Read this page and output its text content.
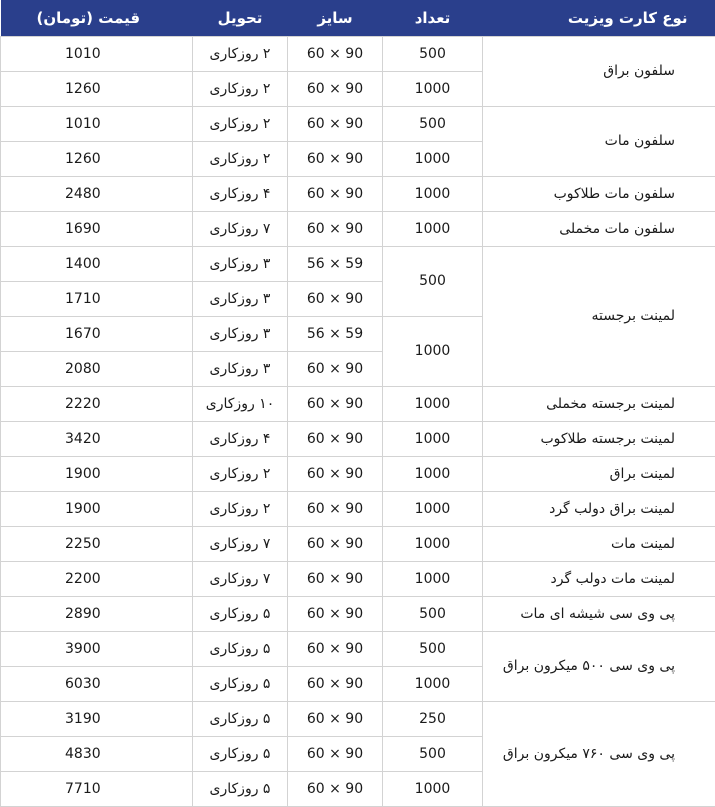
نوع کارت ویزیت	تعداد	سایز	تحویل	قیمت (تومان)
سلفون براق	500	60 × 90	۲ روزکاری	1010
	1000	60 × 90	۲ روزکاری	1260
سلفون مات	500	60 × 90	۲ روزکاری	1010
	1000	60 × 90	۲ روزکاری	1260
سلفون مات طلاکوب	1000	60 × 90	۴ روزکاری	2480
سلفون مات مخملی	1000	60 × 90	۷ روزکاری	1690
لمینت برجسته	500	56 × 59	۳ روزکاری	1400
		60 × 90	۳ روزکاری	1710
	1000	56 × 59	۳ روزکاری	1670
		60 × 90	۳ روزکاری	2080
لمینت برجسته مخملی	1000	60 × 90	۱۰ روزکاری	2220
لمینت برجسته طلاکوب	1000	60 × 90	۴ روزکاری	3420
لمینت براق	1000	60 × 90	۲ روزکاری	1900
لمینت براق دولب گرد	1000	60 × 90	۲ روزکاری	1900
لمینت مات	1000	60 × 90	۷ روزکاری	2250
لمینت مات دولب گرد	1000	60 × 90	۷ روزکاری	2200
پی وی سی شیشه ای مات	500	60 × 90	۵ روزکاری	2890
پی وی سی ۵۰۰ میکرون براق	500	60 × 90	۵ روزکاری	3900
	1000	60 × 90	۵ روزکاری	6030
پی وی سی ۷۶۰ میکرون براق	250	60 × 90	۵ روزکاری	3190
	500	60 × 90	۵ روزکاری	4830
	1000	60 × 90	۵ روزکاری	7710
